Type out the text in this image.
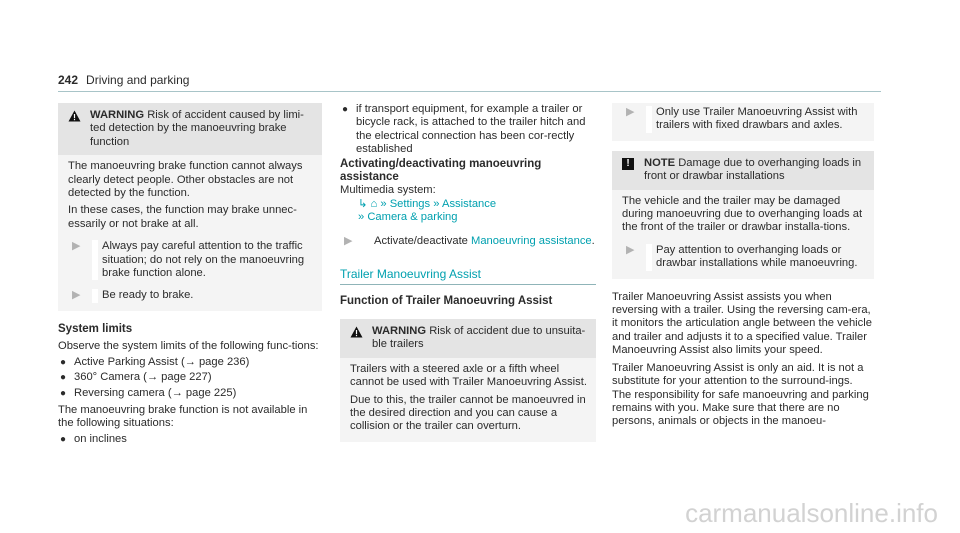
242 Driving and parking
WARNING Risk of accident caused by limi-ted detection by the manoeuvring brake function

The manoeuvring brake function cannot always clearly detect people. Other obstacles are not detected by the function.

In these cases, the function may brake unnec-essarily or not brake at all.

▶	Always pay careful attention to the traffic situation; do not rely on the manoeuvring brake function alone.
▶	Be ready to brake.
System limits

Observe the system limits of the following func-tions:

● Active Parking Assist (→ page 236)
● 360° Camera (→ page 227)
● Reversing camera (→ page 225)

The manoeuvring brake function is not available in the following situations:

● on inclines
● if transport equipment, for example a trailer or bicycle rack, is attached to the trailer hitch and the electrical connection has been cor-rectly established
Activating/deactivating manoeuvring assistance

Multimedia system:

↳ ⌂ » Settings » Assistance
» Camera & parking
▶	Activate/deactivate Manoeuvring assistance.
Trailer Manoeuvring Assist
Function of Trailer Manoeuvring Assist
WARNING Risk of accident due to unsuita-ble trailers

Trailers with a steered axle or a fifth wheel cannot be used with Trailer Manoeuvring Assist.

Due to this, the trailer cannot be manoeuvred in the desired direction and you can cause a collision or the trailer can overturn.

▶	Only use Trailer Manoeuvring Assist with trailers with fixed drawbars and axles.
!	NOTE Damage due to overhanging loads in front or drawbar installations

The vehicle and the trailer may be damaged during manoeuvring due to overhanging loads at the front of the trailer or drawbar installa-tions.

▶	Pay attention to overhanging loads or drawbar installations while manoeuvring.

Trailer Manoeuvring Assist assists you when reversing with a trailer. Using the reversing cam-era, it monitors the articulation angle between the vehicle and trailer and adjusts it to a specified value. Trailer Manoeuvring Assist also limits your speed.

Trailer Manoeuvring Assist is only an aid. It is not a substitute for your attention to the surround-ings. The responsibility for safe manoeuvring and parking remains with you. Make sure that there are no persons, animals or objects in the manoeu-

carmanualsonline.info
